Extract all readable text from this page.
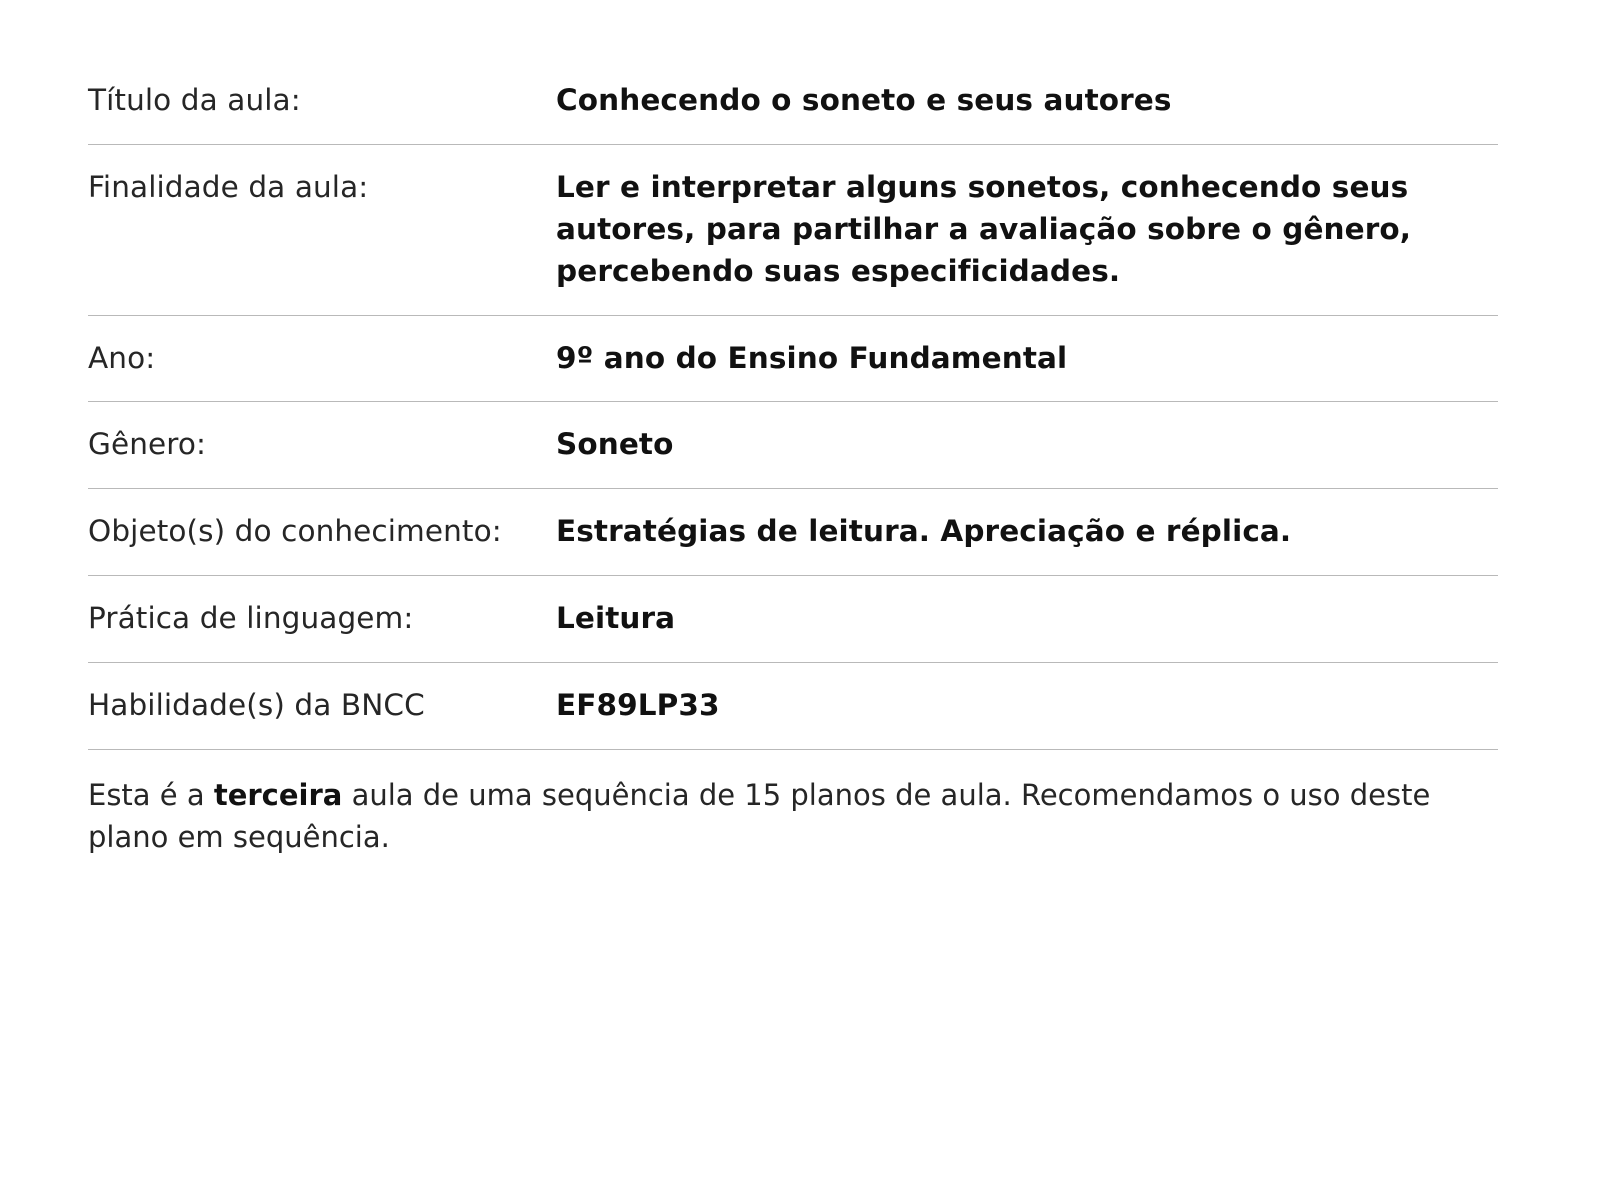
Título da aula:	Conhecendo o soneto e seus autores
Finalidade da aula:	Ler e interpretar alguns sonetos, conhecendo seus autores, para partilhar a avaliação sobre o gênero, percebendo suas especificidades.
Ano:	9º ano do Ensino Fundamental
Gênero:	Soneto
Objeto(s) do conhecimento:	Estratégias de leitura. Apreciação e réplica.
Prática de linguagem:	Leitura
Habilidade(s) da BNCC	EF89LP33
Esta é a terceira aula de uma sequência de 15 planos de aula. Recomendamos o uso deste plano em sequência.	
